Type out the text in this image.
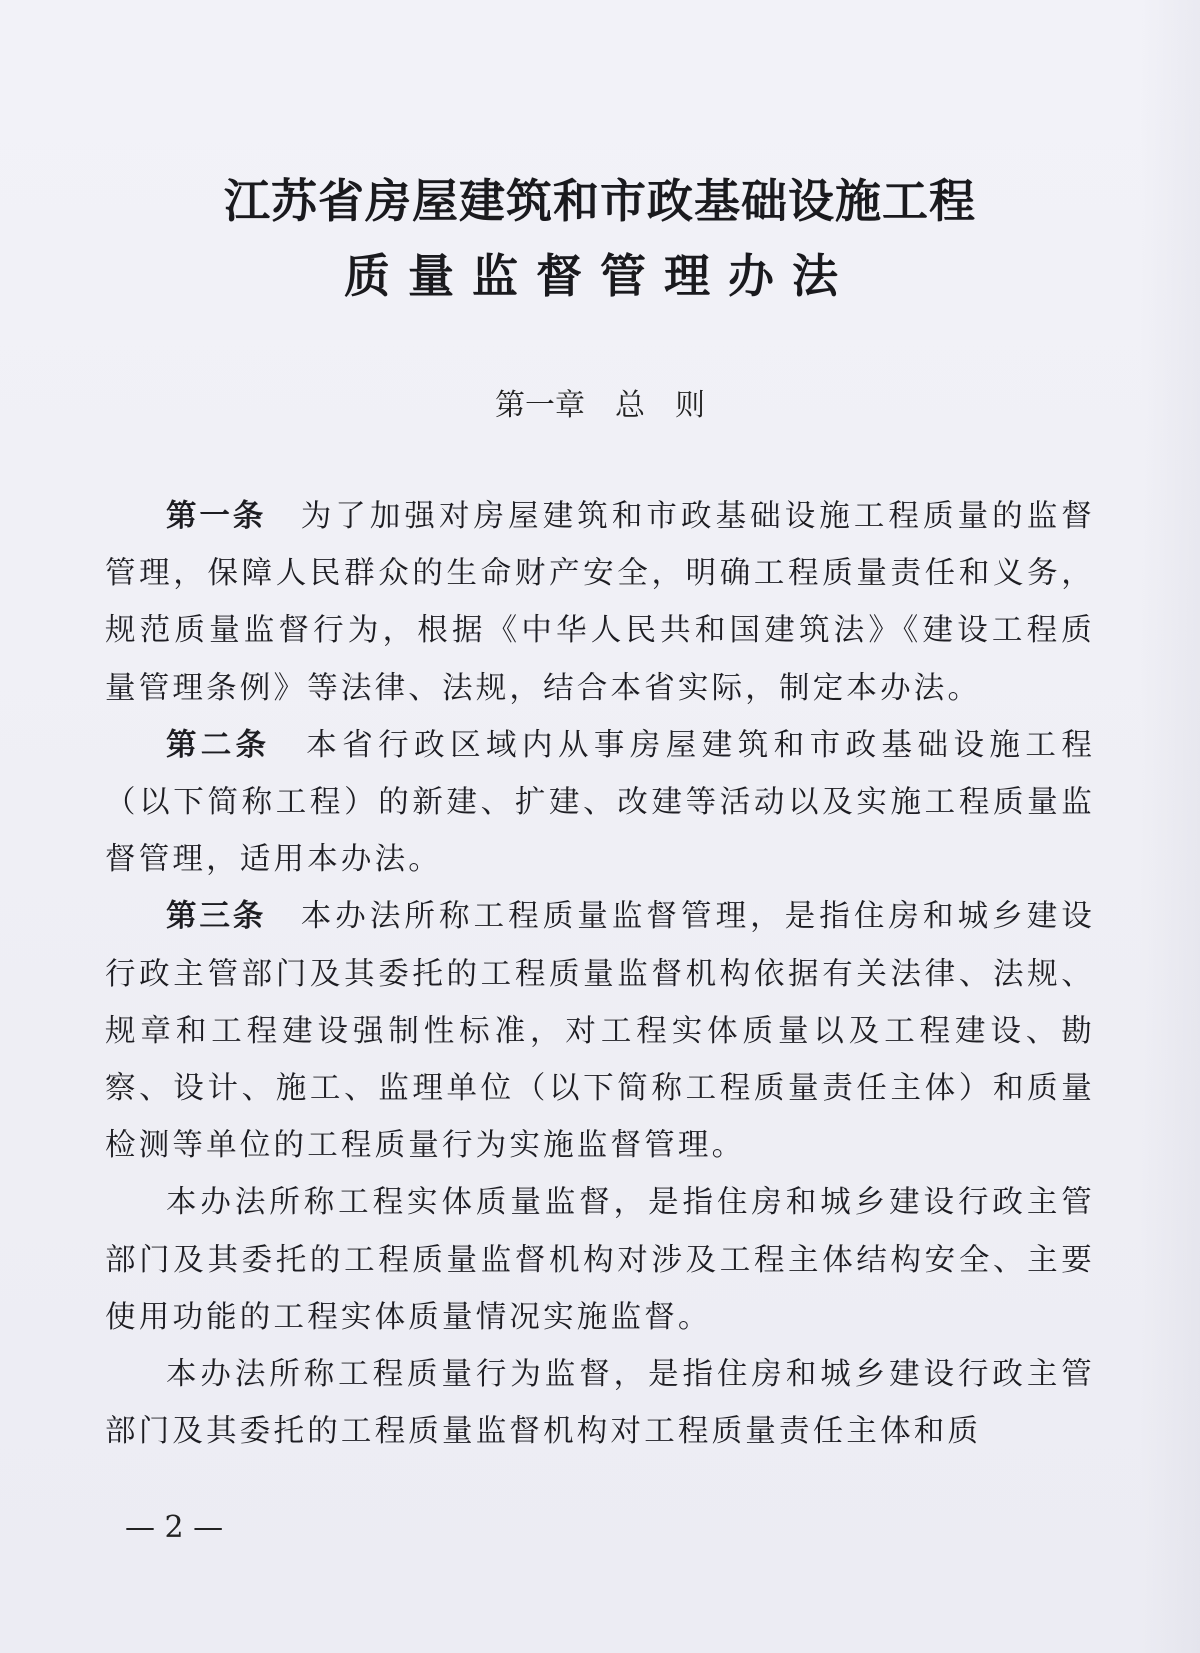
江苏省房屋建筑和市政基础设施工程
质量监督管理办法
第一章　总　则

第一条　 为了加强对房屋建筑和市政基础设施工程质量的监督管理，保障人民群众的生命财产安全，明确工程质量责任和义务，规范质量监督行为，根据《中华人民共和国建筑法》《建设工程质量管理条例》等法律、法规，结合本省实际，制定本办法。

第二条　 本省行政区域内从事房屋建筑和市政基础设施工程（以下简称工程）的新建、扩建、改建等活动以及实施工程质量监督管理，适用本办法。

第三条　 本办法所称工程质量监督管理，是指住房和城乡建设行政主管部门及其委托的工程质量监督机构依据有关法律、法规、规章和工程建设强制性标准，对工程实体质量以及工程建设、勘察、设计、施工、监理单位（以下简称工程质量责任主体）和质量检测等单位的工程质量行为实施监督管理。

本办法所称工程实体质量监督，是指住房和城乡建设行政主管部门及其委托的工程质量监督机构对涉及工程主体结构安全、主要使用功能的工程实体质量情况实施监督。

本办法所称工程质量行为监督，是指住房和城乡建设行政主管部门及其委托的工程质量监督机构对工程质量责任主体和质

— 2 —
